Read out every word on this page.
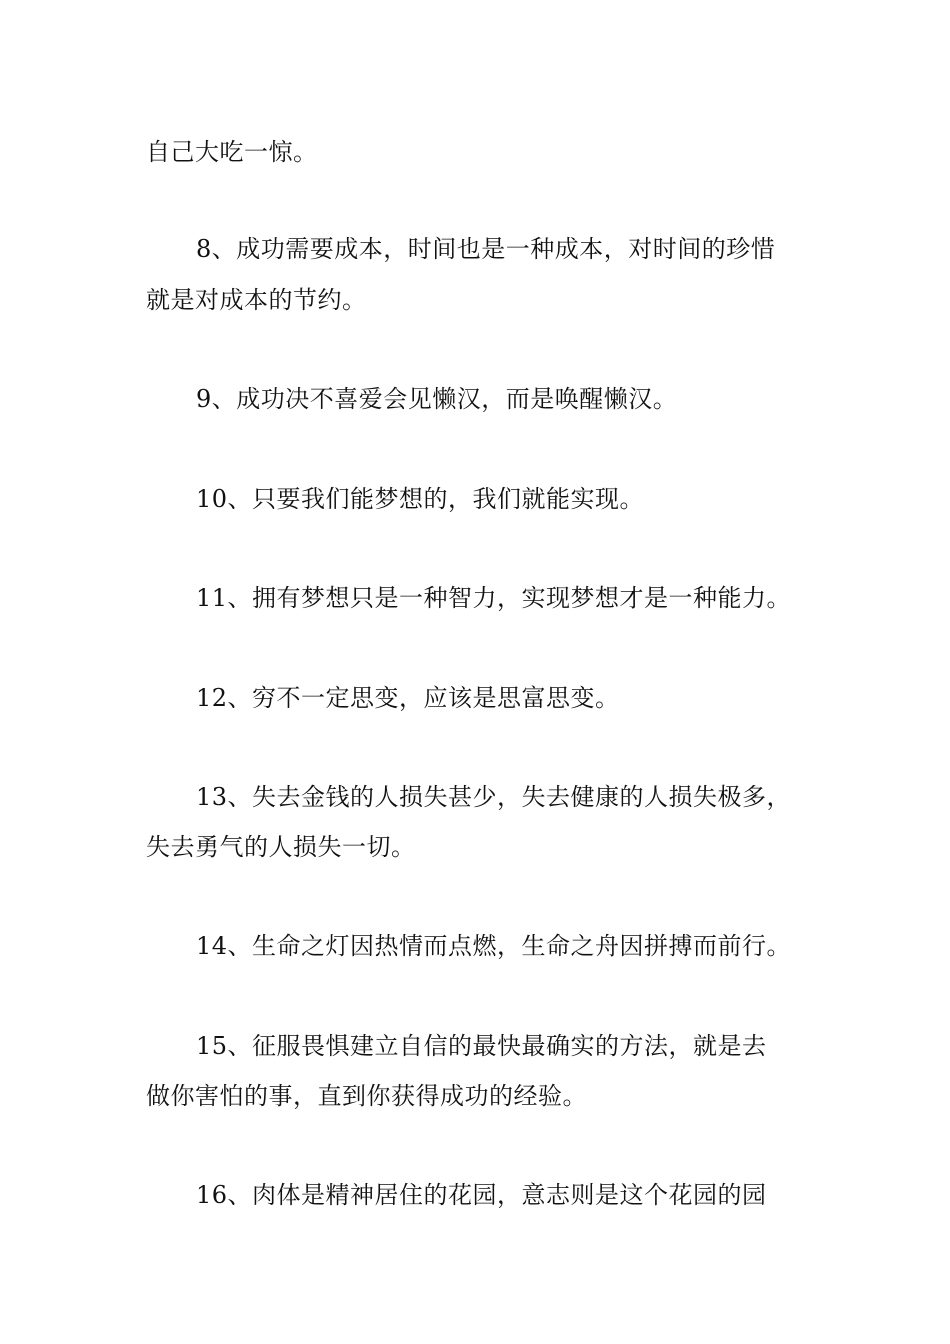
自己大吃一惊。
8、成功需要成本，时间也是一种成本，对时间的珍惜
就是对成本的节约。
9、成功决不喜爱会见懒汉，而是唤醒懒汉。
10、只要我们能梦想的，我们就能实现。
11、拥有梦想只是一种智力，实现梦想才是一种能力。
12、穷不一定思变，应该是思富思变。
13、失去金钱的人损失甚少，失去健康的人损失极多，
失去勇气的人损失一切。
14、生命之灯因热情而点燃，生命之舟因拼搏而前行。
15、征服畏惧建立自信的最快最确实的方法，就是去
做你害怕的事，直到你获得成功的经验。
16、肉体是精神居住的花园，意志则是这个花园的园
